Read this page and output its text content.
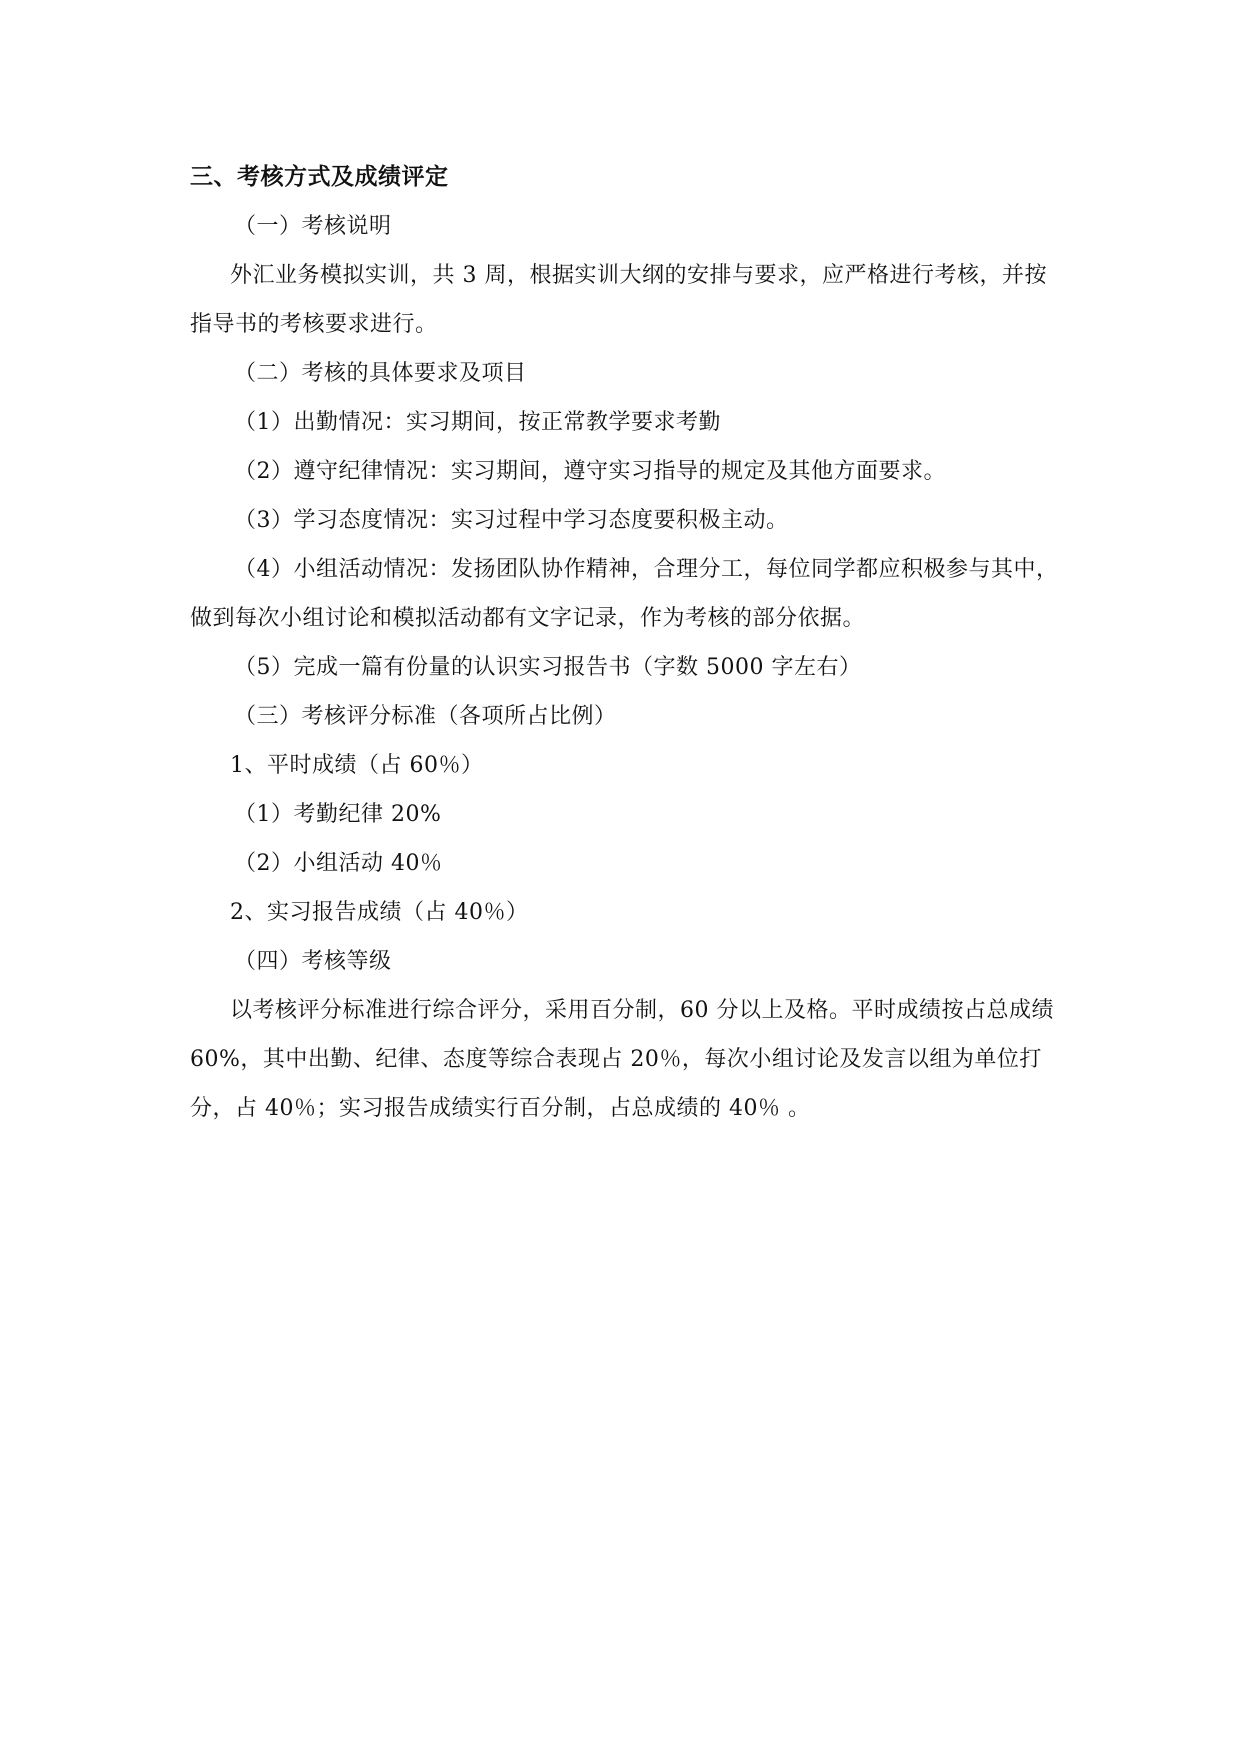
三、考核方式及成绩评定
（一）考核说明

外汇业务模拟实训，共 3 周，根据实训大纲的安排与要求，应严格进行考核，并按指导书的考核要求进行。

（二）考核的具体要求及项目
（1）出勤情况：实习期间，按正常教学要求考勤
（2）遵守纪律情况：实习期间，遵守实习指导的规定及其他方面要求。
（3）学习态度情况：实习过程中学习态度要积极主动。

（4）小组活动情况：发扬团队协作精神，合理分工，每位同学都应积极参与其中，做到每次小组讨论和模拟活动都有文字记录，作为考核的部分依据。

（5）完成一篇有份量的认识实习报告书（字数 5000 字左右）
（三）考核评分标准（各项所占比例）
1、平时成绩（占 60％）
（1）考勤纪律 20%
（2）小组活动 40％
2、实习报告成绩（占 40％）
（四）考核等级

以考核评分标准进行综合评分，采用百分制，60 分以上及格。平时成绩按占总成绩 60%，其中出勤、纪律、态度等综合表现占 20％，每次小组讨论及发言以组为单位打分，占 40％；实习报告成绩实行百分制，占总成绩的 40％ 。
